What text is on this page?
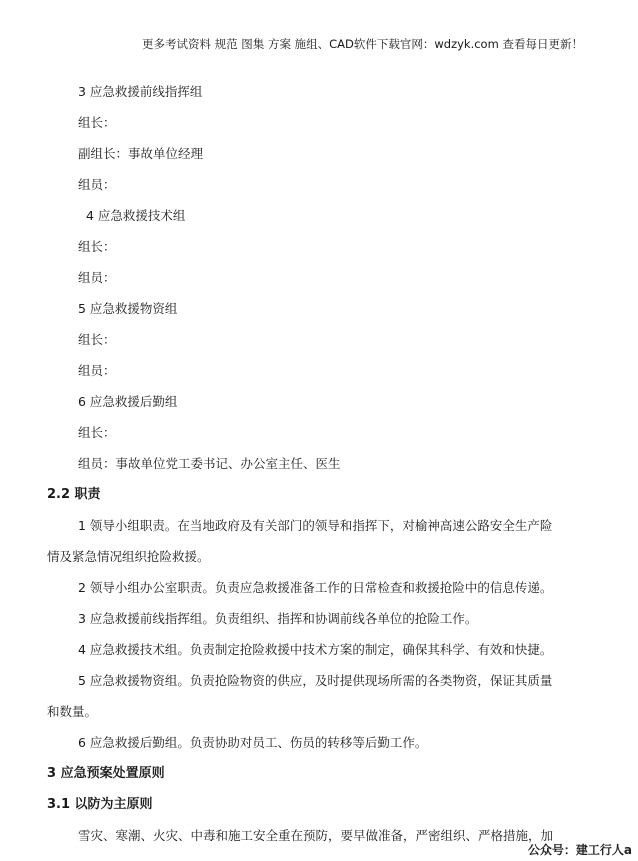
更多考试资料 规范 图集 方案 施组、CAD软件下载官网：wdzyk.com 查看每日更新！
3 应急救援前线指挥组
组长：
副组长：事故单位经理
组员：
4 应急救援技术组
组长：
组员：
5 应急救援物资组
组长：
组员：
6 应急救援后勤组
组长：
组员：事故单位党工委书记、办公室主任、医生
2.2 职责
1 领导小组职责。在当地政府及有关部门的领导和指挥下，对榆神高速公路安全生产险
情及紧急情况组织抢险救援。
2 领导小组办公室职责。负责应急救援准备工作的日常检查和救援抢险中的信息传递。
3 应急救援前线指挥组。负责组织、指挥和协调前线各单位的抢险工作。
4 应急救援技术组。负责制定抢险救援中技术方案的制定，确保其科学、有效和快捷。
5 应急救援物资组。负责抢险物资的供应，及时提供现场所需的各类物资，保证其质量
和数量。
6 应急救援后勤组。负责协助对员工、伤员的转移等后勤工作。
3 应急预案处置原则
3.1 以防为主原则
雪灾、寒潮、火灾、中毒和施工安全重在预防，要早做准备，严密组织、严格措施，加
公众号：建工行人a
